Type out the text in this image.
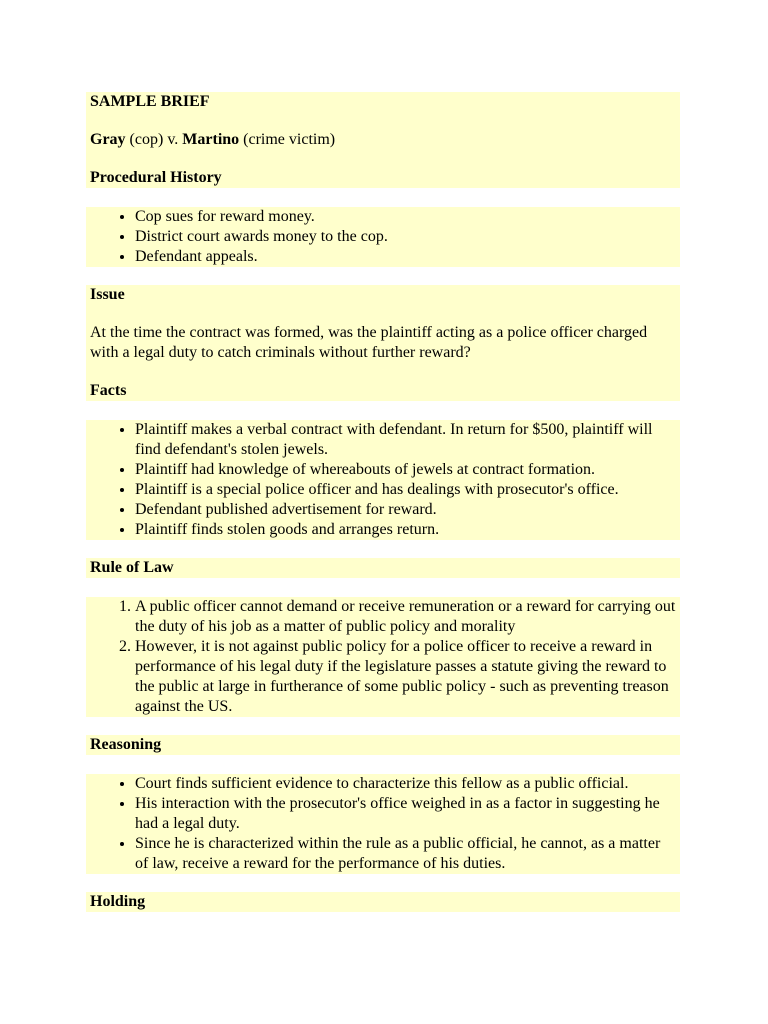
SAMPLE BRIEF
Gray (cop) v. Martino (crime victim)
Procedural History
• Cop sues for reward money.
• District court awards money to the cop.
• Defendant appeals.
Issue

At the time the contract was formed, was the plaintiff acting as a police officer charged with a legal duty to catch criminals without further reward?

Facts
• Plaintiff makes a verbal contract with defendant. In return for $500, plaintiff will find defendant's stolen jewels.
• Plaintiff had knowledge of whereabouts of jewels at contract formation.
• Plaintiff is a special police officer and has dealings with prosecutor's office.
• Defendant published advertisement for reward.
• Plaintiff finds stolen goods and arranges return.
Rule of Law
1. A public officer cannot demand or receive remuneration or a reward for carrying out the duty of his job as a matter of public policy and morality
2. However, it is not against public policy for a police officer to receive a reward in performance of his legal duty if the legislature passes a statute giving the reward to the public at large in furtherance of some public policy - such as preventing treason against the US.
Reasoning
• Court finds sufficient evidence to characterize this fellow as a public official.
• His interaction with the prosecutor's office weighed in as a factor in suggesting he had a legal duty.
• Since he is characterized within the rule as a public official, he cannot, as a matter of law, receive a reward for the performance of his duties.
Holding
